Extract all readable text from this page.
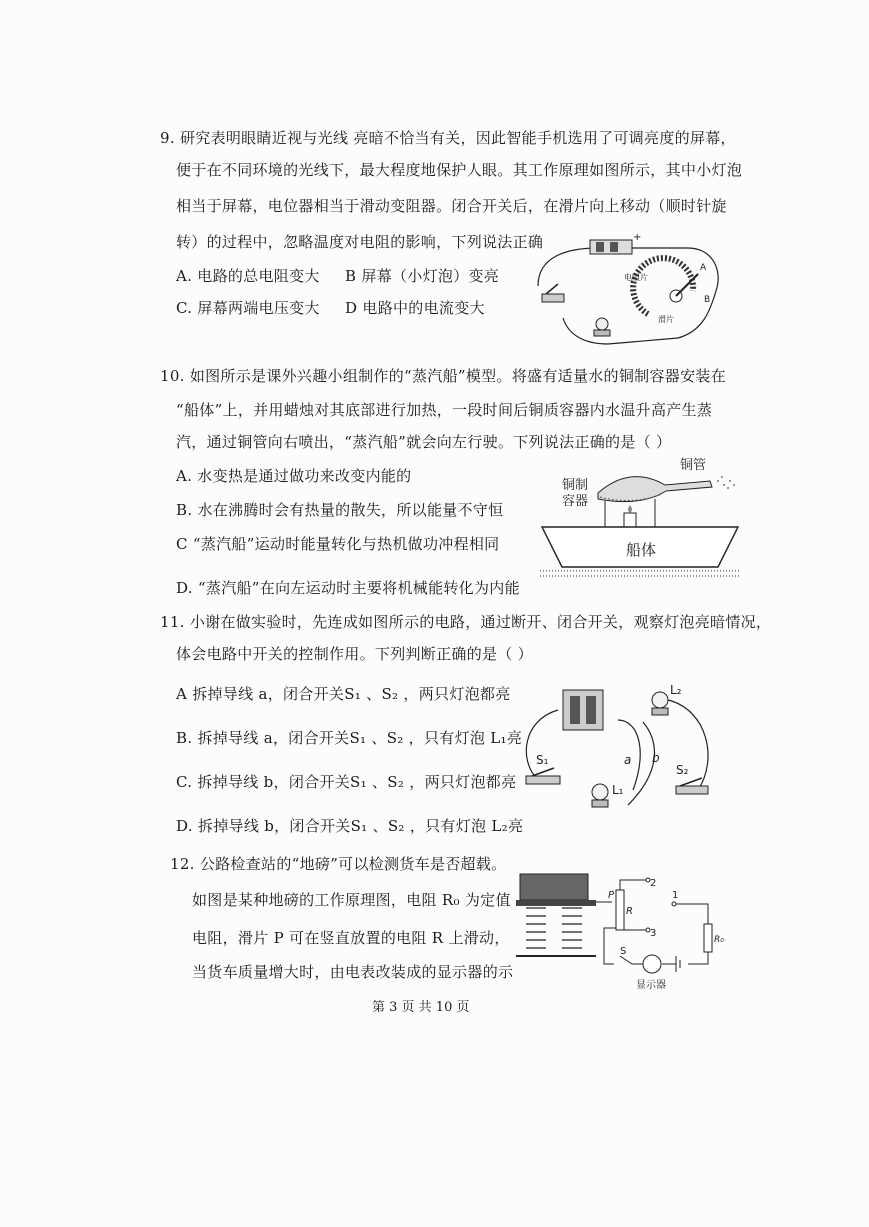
9. 研究表明眼睛近视与光线 亮暗不恰当有关，因此智能手机选用了可调亮度的屏幕，
便于在不同环境的光线下，最大程度地保护人眼。其工作原理如图所示，其中小灯泡
相当于屏幕，电位器相当于滑动变阻器。闭合开关后，在滑片向上移动（顺时针旋
转）的过程中，忽略温度对电阻的影响，下列说法正确
A. 电路的总电阻变大 B 屏幕（小灯泡）变亮
C. 屏幕两端电压变大 D 电路中的电流变大
+
电阻片
A
B
滑片
10. 如图所示是课外兴趣小组制作的“蒸汽船”模型。将盛有适量水的铜制容器安装在
“船体”上，并用蜡烛对其底部进行加热，一段时间后铜质容器内水温升高产生蒸
汽，通过铜管向右喷出，“蒸汽船”就会向左行驶。下列说法正确的是（ ）
A. 水变热是通过做功来改变内能的
B. 水在沸腾时会有热量的散失，所以能量不守恒
C “蒸汽船”运动时能量转化与热机做功冲程相同
D. “蒸汽船”在向左运动时主要将机械能转化为内能
铜管
铜制
容器
船体
11. 小谢在做实验时，先连成如图所示的电路，通过断开、闭合开关，观察灯泡亮暗情况，
体会电路中开关的控制作用。下列判断正确的是（ ）
A 拆掉导线 a，闭合开关S₁ 、S₂ ，两只灯泡都亮
B. 拆掉导线 a，闭合开关S₁ 、S₂ ，只有灯泡 L₁亮
C. 拆掉导线 b，闭合开关S₁ 、S₂ ，两只灯泡都亮
D. 拆掉导线 b，闭合开关S₁ 、S₂ ，只有灯泡 L₂亮
L₂
a b
L₁
S₁
S₂
12. 公路检查站的“地磅”可以检测货车是否超载。
如图是某种地磅的工作原理图，电阻 R₀ 为定值
电阻，滑片 P 可在竖直放置的电阻 R 上滑动，
当货车质量增大时，由电表改装成的显示器的示
P
R
2
3
1
R₀
S
显示器
第 3 页 共 10 页
